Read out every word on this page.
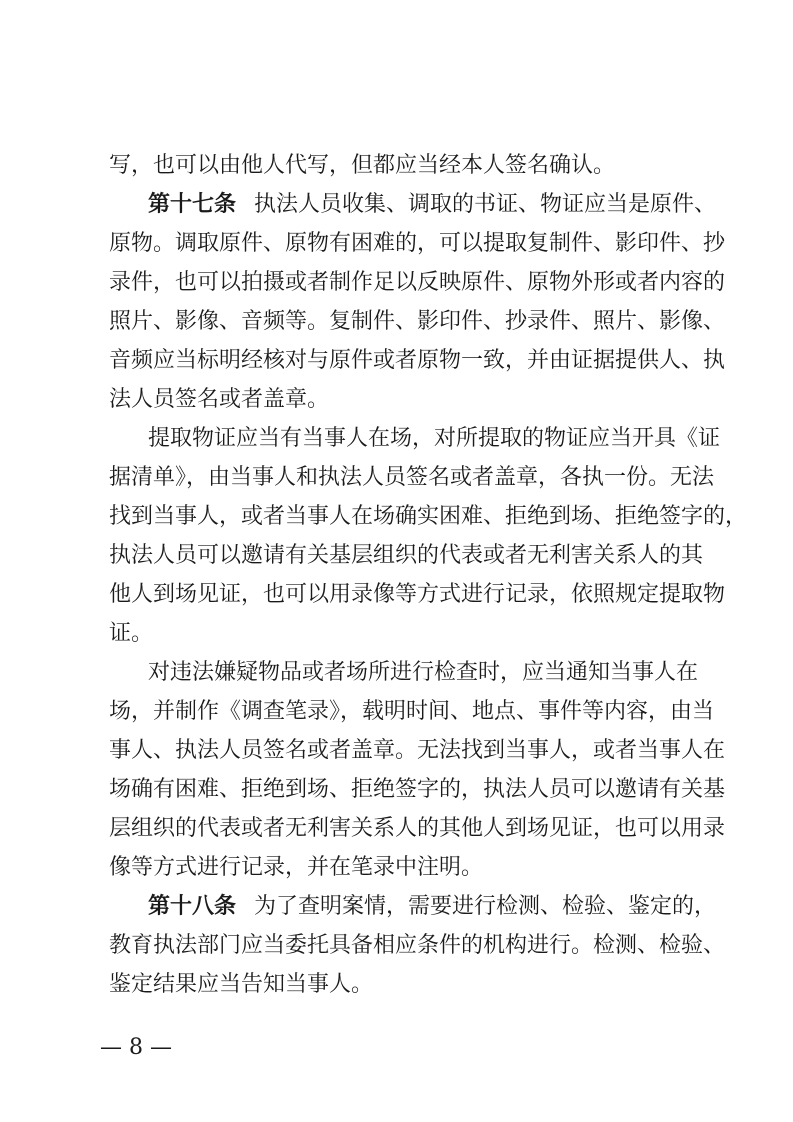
写，也可以由他人代写，但都应当经本人签名确认。
第十七条 执法人员收集、调取的书证、物证应当是原件、
原物。调取原件、原物有困难的，可以提取复制件、影印件、抄
录件，也可以拍摄或者制作足以反映原件、原物外形或者内容的
照片、影像、音频等。复制件、影印件、抄录件、照片、影像、
音频应当标明经核对与原件或者原物一致，并由证据提供人、执
法人员签名或者盖章。
提取物证应当有当事人在场，对所提取的物证应当开具《证
据清单》，由当事人和执法人员签名或者盖章，各执一份。无法
找到当事人，或者当事人在场确实困难、拒绝到场、拒绝签字的，
执法人员可以邀请有关基层组织的代表或者无利害关系人的其
他人到场见证，也可以用录像等方式进行记录，依照规定提取物
证。
对违法嫌疑物品或者场所进行检查时，应当通知当事人在
场，并制作《调查笔录》，载明时间、地点、事件等内容，由当
事人、执法人员签名或者盖章。无法找到当事人，或者当事人在
场确有困难、拒绝到场、拒绝签字的，执法人员可以邀请有关基
层组织的代表或者无利害关系人的其他人到场见证，也可以用录
像等方式进行记录，并在笔录中注明。
第十八条 为了查明案情，需要进行检测、检验、鉴定的，
教育执法部门应当委托具备相应条件的机构进行。检测、检验、
鉴定结果应当告知当事人。
— 8 —
